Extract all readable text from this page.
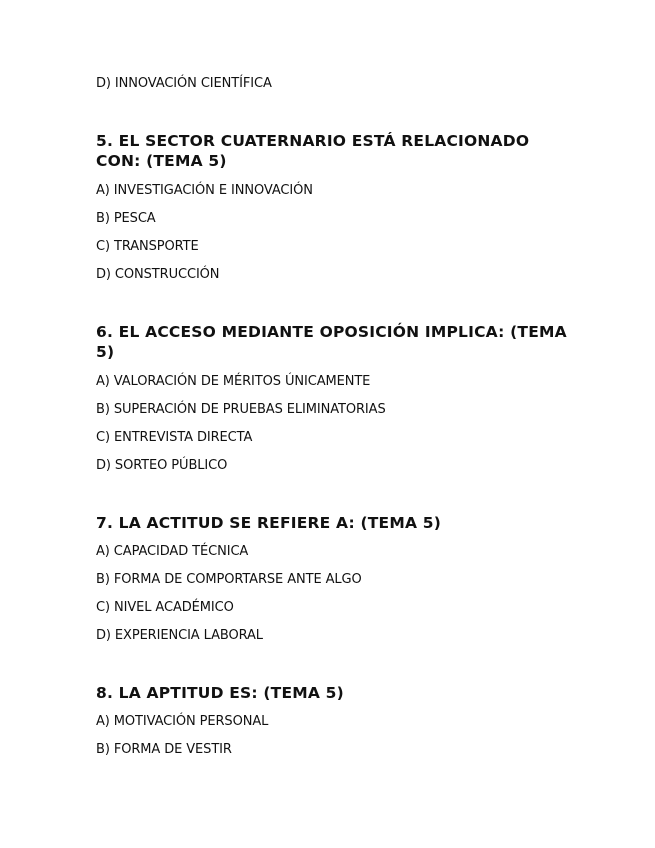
D) INNOVACIÓN CIENTÍFICA

5. EL SECTOR CUATERNARIO ESTÁ RELACIONADO CON: (TEMA 5)

A) INVESTIGACIÓN E INNOVACIÓN

B) PESCA

C) TRANSPORTE

D) CONSTRUCCIÓN

6. EL ACCESO MEDIANTE OPOSICIÓN IMPLICA: (TEMA 5)

A) VALORACIÓN DE MÉRITOS ÚNICAMENTE

B) SUPERACIÓN DE PRUEBAS ELIMINATORIAS

C) ENTREVISTA DIRECTA

D) SORTEO PÚBLICO

7. LA ACTITUD SE REFIERE A: (TEMA 5)

A) CAPACIDAD TÉCNICA

B) FORMA DE COMPORTARSE ANTE ALGO

C) NIVEL ACADÉMICO

D) EXPERIENCIA LABORAL

8. LA APTITUD ES: (TEMA 5)

A) MOTIVACIÓN PERSONAL

B) FORMA DE VESTIR
